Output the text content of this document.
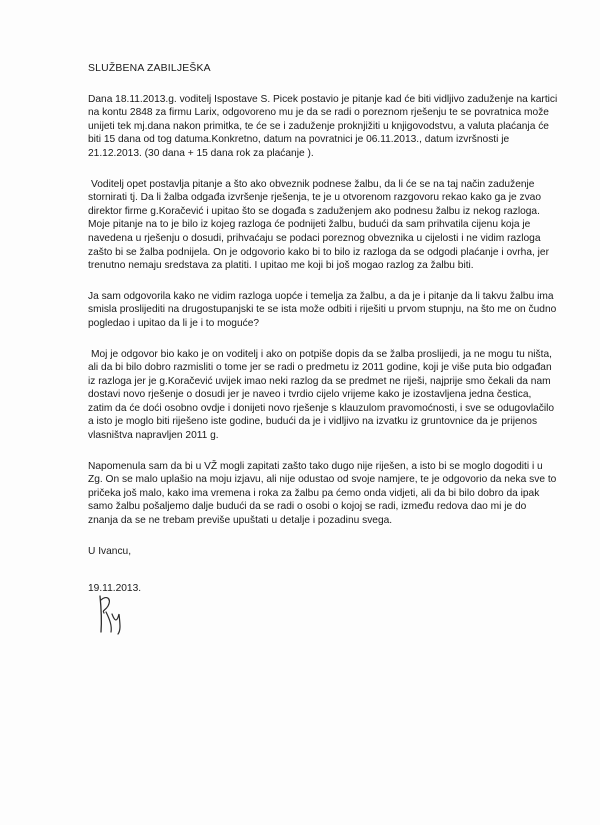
SLUŽBENA ZABILJEŠKA
Dana 18.11.2013.g. voditelj Ispostave S. Picek postavio je pitanje kad će biti vidljivo zaduženje na kartici na kontu 2848 za firmu Larix, odgovoreno mu je da se radi o poreznom rješenju te se povratnica može unijeti tek mj.dana nakon primitka, te će se i zaduženje proknjižiti u knjigovodstvu, a valuta plaćanja će biti 15 dana od tog datuma.Konkretno, datum na povratnici je 06.11.2013., datum izvršnosti je 21.12.2013. (30 dana + 15 dana rok za plaćanje ).
Voditelj opet postavlja pitanje a što ako obveznik podnese žalbu, da li će se na taj način zaduženje stornirati tj. Da li žalba odgađa izvršenje rješenja, te je u otvorenom razgovoru rekao kako ga je zvao direktor firme g.Koračević i upitao što se događa s zaduženjem ako podnesu žalbu iz nekog razloga. Moje pitanje na to je bilo iz kojeg razloga će podnijeti žalbu, budući da sam prihvatila cijenu koja je navedena u rješenju o dosudi, prihvaćaju se podaci poreznog obveznika u cijelosti i ne vidim razloga zašto bi se žalba podnijela. On je odgovorio kako bi to bilo iz razloga da se odgodi plaćanje i ovrha, jer trenutno nemaju sredstava za platiti. I upitao me koji bi još mogao razlog za žalbu biti.
Ja sam odgovorila kako ne vidim razloga uopće i temelja za žalbu, a da je i pitanje da li takvu žalbu ima smisla proslijediti na drugostupanjski te se ista može odbiti i riješiti u prvom stupnju, na što me on čudno pogledao i upitao da li je i to moguće?
Moj je odgovor bio kako je on voditelj i ako on potpiše dopis da se žalba proslijedi, ja ne mogu tu ništa, ali da bi bilo dobro razmisliti o tome jer se radi o predmetu iz 2011 godine, koji je više puta bio odgađan iz razloga jer je g.Koračević uvijek imao neki razlog da se predmet ne riješi, najprije smo čekali da nam dostavi novo rješenje o dosudi jer je naveo i tvrdio cijelo vrijeme kako je izostavljena jedna čestica, zatim da će doći osobno ovdje i donijeti novo rješenje s klauzulom pravomoćnosti, i sve se odugovlačilo a isto je moglo biti riješeno iste godine, budući da je i vidljivo na izvatku iz gruntovnice da je prijenos vlasništva napravljen 2011 g.
Napomenula sam da bi u VŽ mogli zapitati zašto tako dugo nije riješen, a isto bi se moglo dogoditi i u Zg. On se malo uplašio na moju izjavu, ali nije odustao od svoje namjere, te je odgovorio da neka sve to pričeka još malo, kako ima vremena i roka za žalbu pa ćemo onda vidjeti, ali da bi bilo dobro da ipak samo žalbu pošaljemo dalje budući da se radi o osobi o kojoj se radi, između redova dao mi je do znanja da se ne trebam previše upuštati u detalje i pozadinu svega.
U Ivancu,
19.11.2013.
